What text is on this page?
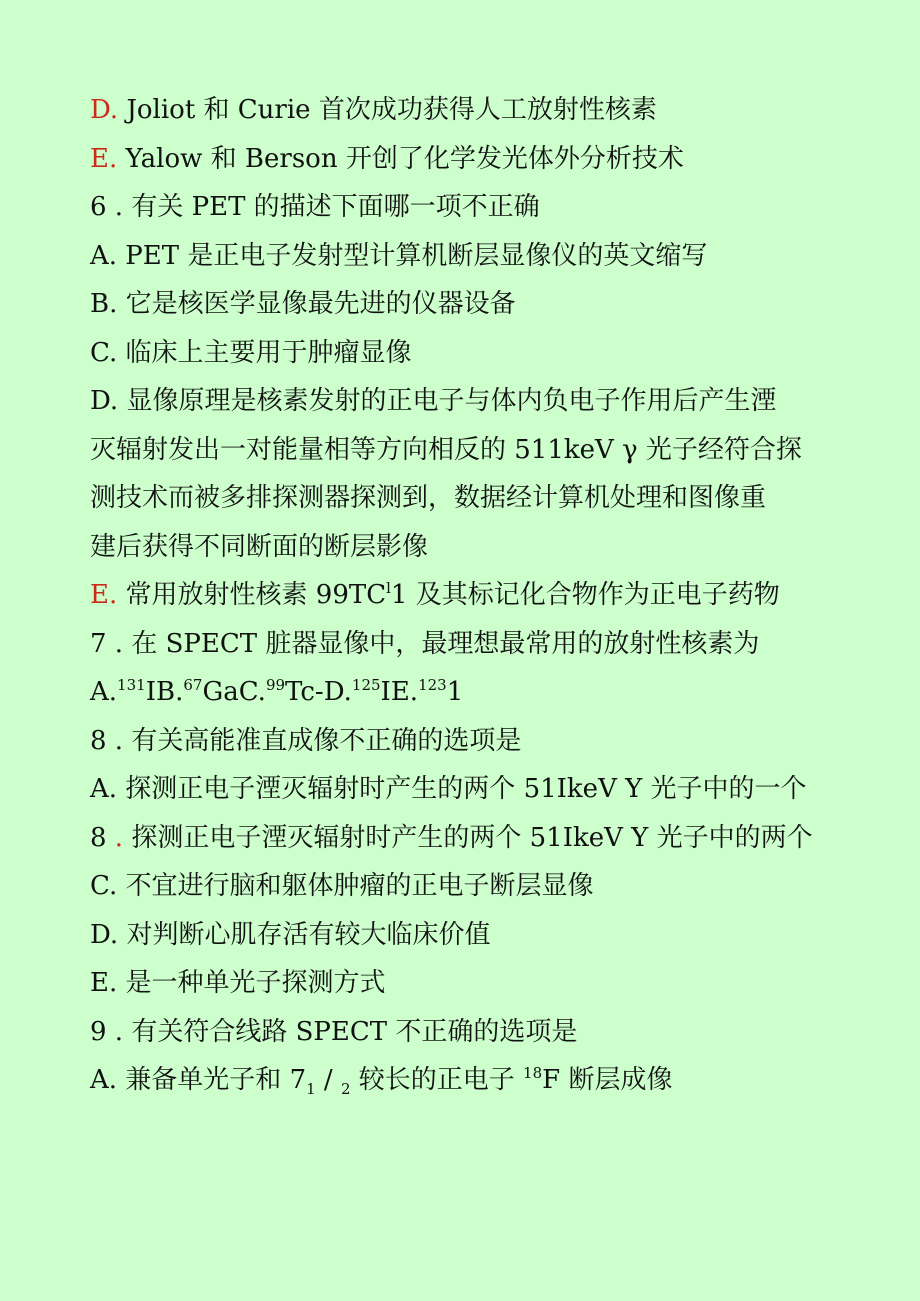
D. Joliot 和 Curie 首次成功获得人工放射性核素
E. Yalow 和 Berson 开创了化学发光体外分析技术
6 . 有关 PET 的描述下面哪一项不正确
A. PET 是正电子发射型计算机断层显像仪的英文缩写
B. 它是核医学显像最先进的仪器设备
C. 临床上主要用于肿瘤显像
D. 显像原理是核素发射的正电子与体内负电子作用后产生湮
灭辐射发出一对能量相等方向相反的 511keV γ 光子经符合探
测技术而被多排探测器探测到，数据经计算机处理和图像重
建后获得不同断面的断层影像
E. 常用放射性核素 $99TC^l1$ 及其标记化合物作为正电子药物
7 . 在 SPECT 脏器显像中，最理想最常用的放射性核素为
A.$^{131}$IB.$^{67}$GaC.$^{99}$Tc-D.$^{125}$IE.$^{123}$1
8 . 有关高能准直成像不正确的选项是
A. 探测正电子湮灭辐射时产生的两个 51IkeV Y 光子中的一个
8 . 探测正电子湮灭辐射时产生的两个 51IkeV Y 光子中的两个
C. 不宜进行脑和躯体肿瘤的正电子断层显像
D. 对判断心肌存活有较大临床价值
E. 是一种单光子探测方式
9 . 有关符合线路 SPECT 不正确的选项是
A. 兼备单光子和 $7_1 / _2$ 较长的正电子 $^{18}$F 断层成像
